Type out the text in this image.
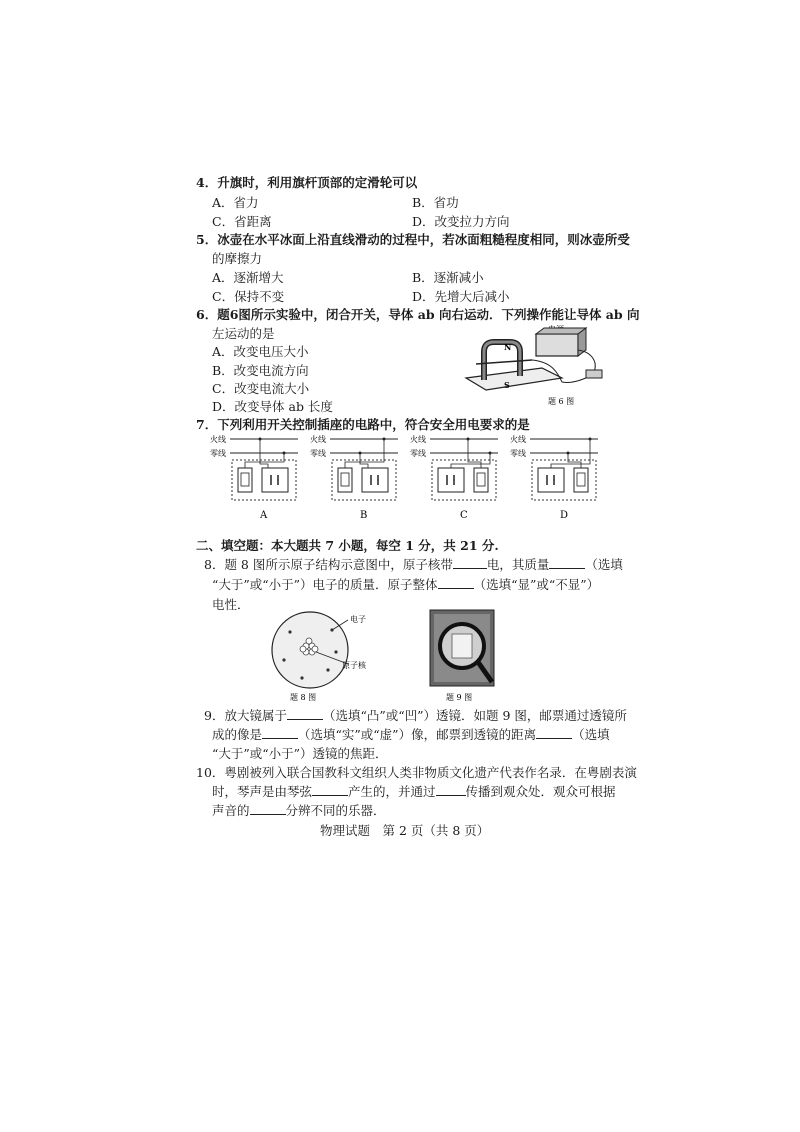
4．升旗时，利用旗杆顶部的定滑轮可以
A．省力	B．省功
C．省距离	D．改变拉力方向
5．冰壶在水平冰面上沿直线滑动的过程中，若冰面粗糙程度相同，则冰壶所受
的摩擦力
A．逐渐增大	B．逐渐减小
C．保持不变	D．先增大后减小
6．题6图所示实验中，闭合开关，导体 ab 向右运动．下列操作能让导体 ab 向
左运动的是
A．改变电压大小
B．改变电流方向
C．改变电流大小
D．改变导体 ab 长度
N
S
题 6 图
7．下列利用开关控制插座的电路中，符合安全用电要求的是
火线
零线
A
火线
零线
B
火线
零线
C
火线
零线
D
二、填空题：本大题共 7 小题，每空 1 分，共 21 分.
8．题 8 图所示原子结构示意图中，原子核带	电，其质量	（选填
“大于”或“小于”）电子的质量．原子整体	（选填“显”或“不显”）
电性．
电子
原子核
题 8 图	题 9 图
9．放大镜属于	（选填“凸”或“凹”）透镜．如题 9 图，邮票通过透镜所
成的像是	（选填“实”或“虚”）像，邮票到透镜的距离	（选填
“大于”或“小于”）透镜的焦距．
10．粤剧被列入联合国教科文组织人类非物质文化遗产代表作名录．在粤剧表演
时，琴声是由琴弦	产生的，并通过 传播到观众处．观众可根据
声音的	分辨不同的乐器．
物理试题　第 2 页（共 8 页）
